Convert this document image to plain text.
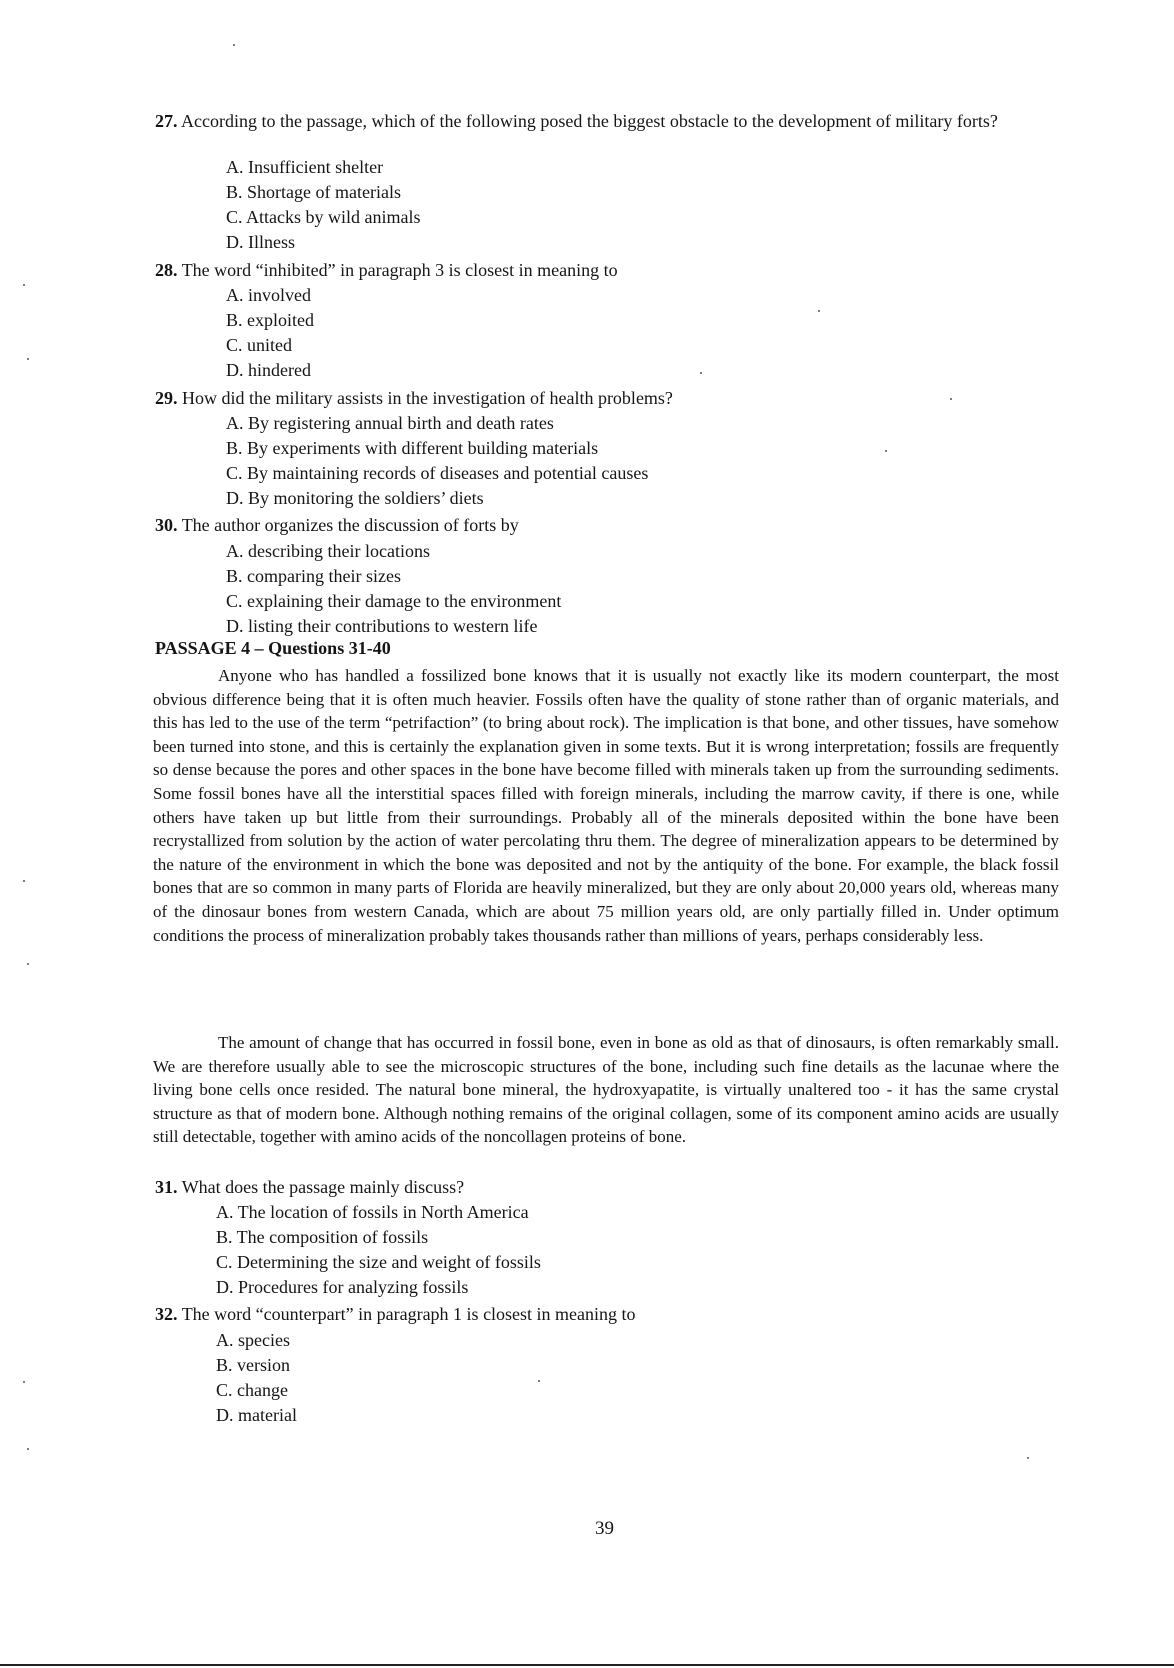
27. According to the passage, which of the following posed the biggest obstacle to the development of military forts?
A. Insufficient shelter
B. Shortage of materials
C. Attacks by wild animals
D. Illness
28. The word “inhibited” in paragraph 3 is closest in meaning to
A. involved
B. exploited
C. united
D. hindered
29. How did the military assists in the investigation of health problems?
A. By registering annual birth and death rates
B. By experiments with different building materials
C. By maintaining records of diseases and potential causes
D. By monitoring the soldiers’ diets
30. The author organizes the discussion of forts by
A. describing their locations
B. comparing their sizes
C. explaining their damage to the environment
D. listing their contributions to western life
PASSAGE 4 – Questions 31-40
Anyone who has handled a fossilized bone knows that it is usually not exactly like its modern counterpart, the most obvious difference being that it is often much heavier. Fossils often have the quality of stone rather than of organic materials, and this has led to the use of the term “petrifaction” (to bring about rock). The implication is that bone, and other tissues, have somehow been turned into stone, and this is certainly the explanation given in some texts. But it is wrong interpretation; fossils are frequently so dense because the pores and other spaces in the bone have become filled with minerals taken up from the surrounding sediments. Some fossil bones have all the interstitial spaces filled with foreign minerals, including the marrow cavity, if there is one, while others have taken up but little from their surroundings. Probably all of the minerals deposited within the bone have been recrystallized from solution by the action of water percolating thru them. The degree of mineralization appears to be determined by the nature of the environment in which the bone was deposited and not by the antiquity of the bone. For example, the black fossil bones that are so common in many parts of Florida are heavily mineralized, but they are only about 20,000 years old, whereas many of the dinosaur bones from western Canada, which are about 75 million years old, are only partially filled in. Under optimum conditions the process of mineralization probably takes thousands rather than millions of years, perhaps considerably less.
The amount of change that has occurred in fossil bone, even in bone as old as that of dinosaurs, is often remarkably small. We are therefore usually able to see the microscopic structures of the bone, including such fine details as the lacunae where the living bone cells once resided. The natural bone mineral, the hydroxyapatite, is virtually unaltered too - it has the same crystal structure as that of modern bone. Although nothing remains of the original collagen, some of its component amino acids are usually still detectable, together with amino acids of the noncollagen proteins of bone.
31. What does the passage mainly discuss?
A. The location of fossils in North America
B. The composition of fossils
C. Determining the size and weight of fossils
D. Procedures for analyzing fossils
32. The word “counterpart” in paragraph 1 is closest in meaning to
A. species
B. version
C. change
D. material
39
